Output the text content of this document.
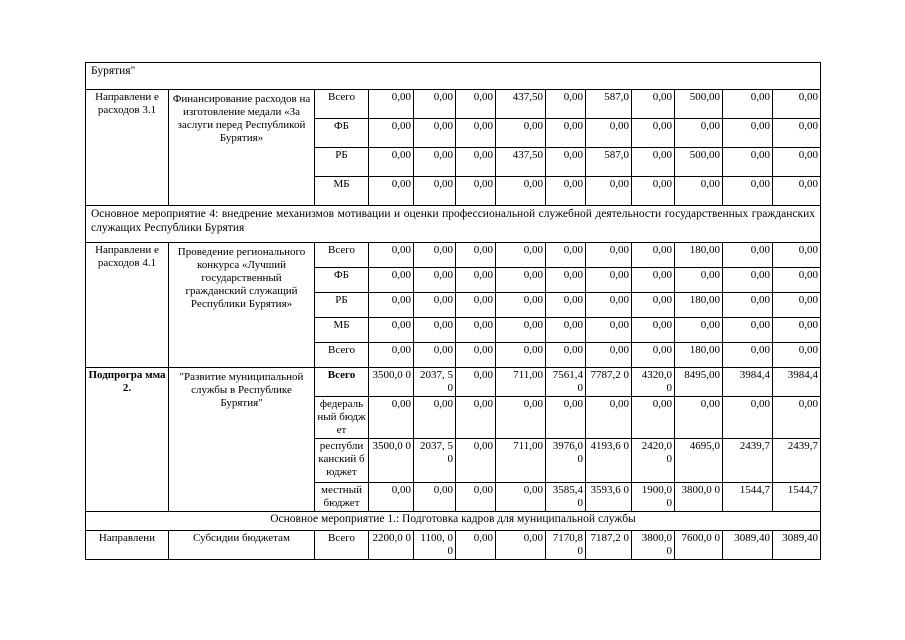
Бурятия"												
Направлени е расходов 3.1	Финансирование расходов на изготовление медали «За заслуги перед Республикой Бурятия»	Всего	0,00	0,00	0,00	437,50	0,00	587,0	0,00	500,00	0,00	0,00
		ФБ	0,00	0,00	0,00	0,00	0,00	0,00	0,00	0,00	0,00	0,00
		РБ	0,00	0,00	0,00	437,50	0,00	587,0	0,00	500,00	0,00	0,00
		МБ	0,00	0,00	0,00	0,00	0,00	0,00	0,00	0,00	0,00	0,00
Основное мероприятие 4: внедрение механизмов мотивации и оценки профессиональной служебной деятельности государственных гражданских служащих Республики Бурятия												
Направлени е расходов 4.1	Проведение регионального конкурса «Лучший государственный гражданский служащий Республики Бурятия»	Всего	0,00	0,00	0,00	0,00	0,00	0,00	0,00	180,00	0,00	0,00
		ФБ	0,00	0,00	0,00	0,00	0,00	0,00	0,00	0,00	0,00	0,00
		РБ	0,00	0,00	0,00	0,00	0,00	0,00	0,00	180,00	0,00	0,00
		МБ	0,00	0,00	0,00	0,00	0,00	0,00	0,00	0,00	0,00	0,00
		Всего	0,00	0,00	0,00	0,00	0,00	0,00	0,00	180,00	0,00	0,00
Подпрогра мма 2.	"Развитие муниципальной службы в Республике Бурятия"	Всего	3500,0 0	2037, 50	0,00	711,00	7561,4 0	7787,2 0	4320,0 0	8495,00	3984,4	3984,4
		федераль ный бюджет	0,00	0,00	0,00	0,00	0,00	0,00	0,00	0,00	0,00	0,00
		республи канский бюджет	3500,0 0	2037, 50	0,00	711,00	3976,0 0	4193,6 0	2420,0 0	4695,0	2439,7	2439,7
		местный бюджет	0,00	0,00	0,00	0,00	3585,4 0	3593,6 0	1900,0 0	3800,0 0	1544,7	1544,7
Основное мероприятие 1.: Подготовка кадров для муниципальной службы												
Направлени	Субсидии бюджетам	Всего	2200,0 0	1100, 00	0,00	0,00	7170,8 0	7187,2 0	3800,0 0	7600,0 0	3089,40	3089,40
